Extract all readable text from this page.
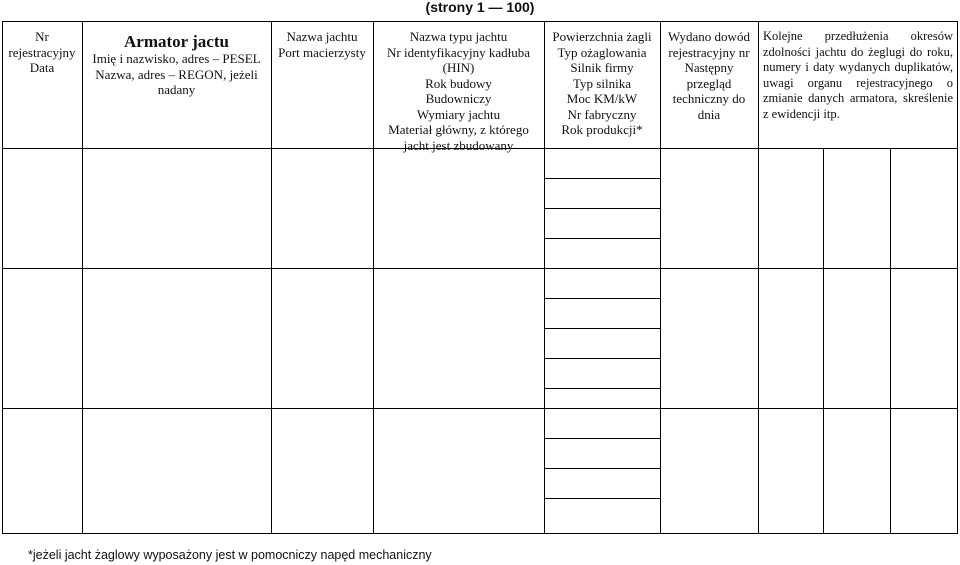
(strony 1 — 100)
Nr
rejestracyjny
Data
Armator jactu
Imię i nazwisko, adres – PESEL
Nazwa, adres – REGON, jeżeli
nadany
Nazwa jachtu
Port macierzysty
Nazwa typu jachtu
Nr identyfikacyjny kadłuba
(HIN)
Rok budowy
Budowniczy
Wymiary jachtu
Materiał główny, z którego
jacht jest zbudowany
Powierzchnia żagli
Typ ożaglowania
Silnik firmy
Typ silnika
Moc KM/kW
Nr fabryczny
Rok produkcji*
Wydano dowód
rejestracyjny nr
Następny
przegląd
techniczny do
dnia
Kolejne przedłużenia okresów zdolności jachtu do żeglugi do roku, numery i daty wydanych duplikatów, uwagi organu rejestracyjnego o zmianie danych armatora, skreślenie z ewidencji itp.
*jeżeli jacht żaglowy wyposażony jest w pomocniczy napęd mechaniczny
